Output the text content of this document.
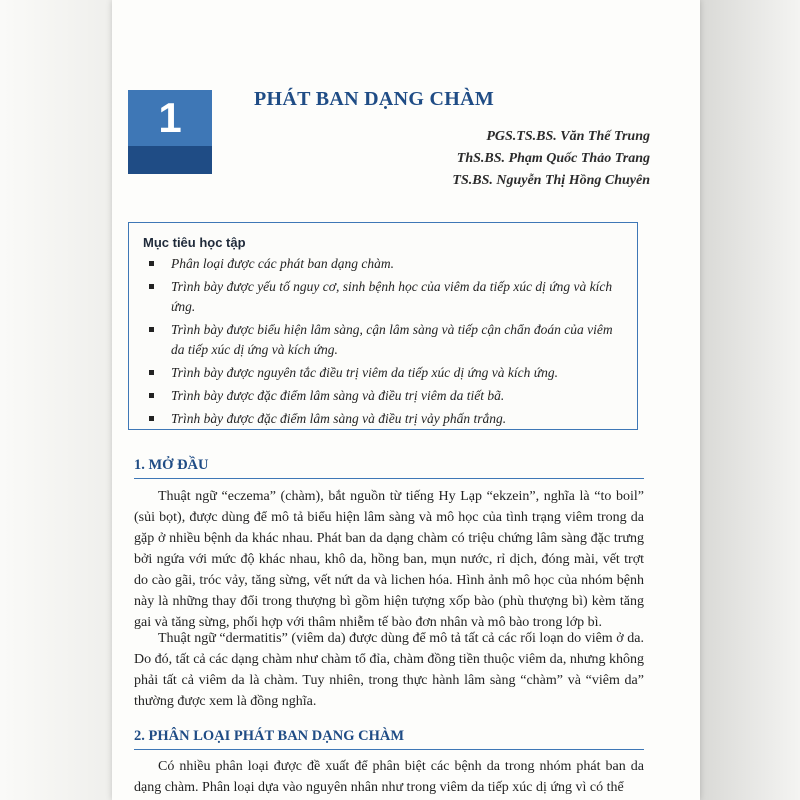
1	PHÁT BAN DẠNG CHÀM
PGS.TS.BS. Văn Thế Trung
ThS.BS. Phạm Quốc Thảo Trang
TS.BS. Nguyễn Thị Hồng Chuyên

Mục tiêu học tập

Phân loại được các phát ban dạng chàm.
Trình bày được yếu tố nguy cơ, sinh bệnh học của viêm da tiếp xúc dị ứng và kích ứng.
Trình bày được biểu hiện lâm sàng, cận lâm sàng và tiếp cận chẩn đoán của viêm da tiếp xúc dị ứng và kích ứng.
Trình bày được nguyên tắc điều trị viêm da tiếp xúc dị ứng và kích ứng.
Trình bày được đặc điểm lâm sàng và điều trị viêm da tiết bã.
Trình bày được đặc điểm lâm sàng và điều trị vảy phấn trắng.
1. MỞ ĐẦU

Thuật ngữ “eczema” (chàm), bắt nguồn từ tiếng Hy Lạp “ekzein”, nghĩa là “to boil” (sủi bọt), được dùng để mô tả biểu hiện lâm sàng và mô học của tình trạng viêm trong da gặp ở nhiều bệnh da khác nhau. Phát ban da dạng chàm có triệu chứng lâm sàng đặc trưng bởi ngứa với mức độ khác nhau, khô da, hồng ban, mụn nước, rỉ dịch, đóng mài, vết trợt do cào gãi, tróc vảy, tăng sừng, vết nứt da và lichen hóa. Hình ảnh mô học của nhóm bệnh này là những thay đổi trong thượng bì gồm hiện tượng xốp bào (phù thượng bì) kèm tăng gai và tăng sừng, phối hợp với thâm nhiễm tế bào đơn nhân và mô bào trong lớp bì.

Thuật ngữ “dermatitis” (viêm da) được dùng để mô tả tất cả các rối loạn do viêm ở da. Do đó, tất cả các dạng chàm như chàm tổ đỉa, chàm đồng tiền thuộc viêm da, nhưng không phải tất cả viêm da là chàm. Tuy nhiên, trong thực hành lâm sàng “chàm” và “viêm da” thường được xem là đồng nghĩa.

2. PHÂN LOẠI PHÁT BAN DẠNG CHÀM

Có nhiều phân loại được đề xuất để phân biệt các bệnh da trong nhóm phát ban da dạng chàm. Phân loại dựa vào nguyên nhân như trong viêm da tiếp xúc dị ứng vì có thể
